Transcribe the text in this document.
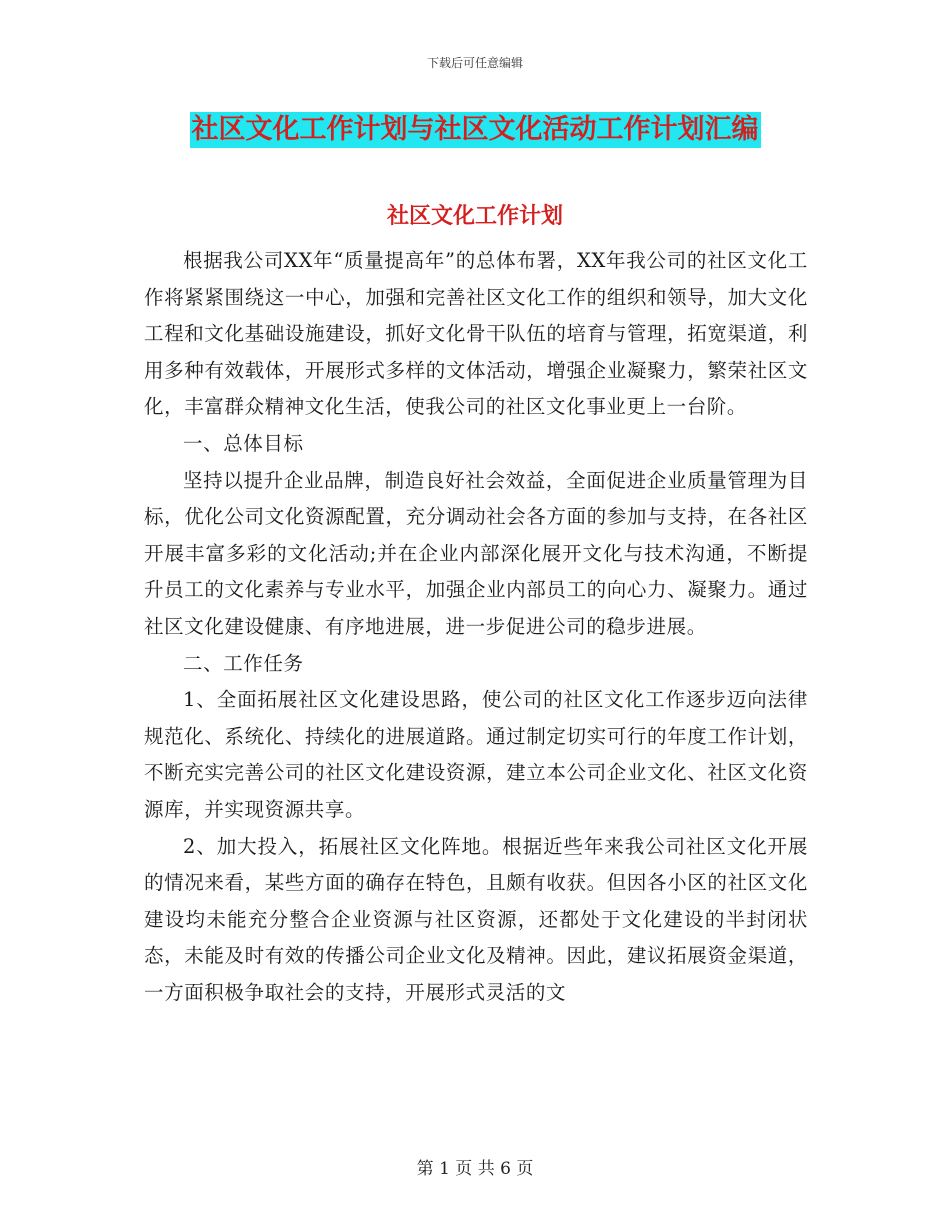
下载后可任意编辑
社区文化工作计划与社区文化活动工作计划汇编
社区文化工作计划

根据我公司XX年“质量提高年”的总体布署，XX年我公司的社区文化工作将紧紧围绕这一中心，加强和完善社区文化工作的组织和领导，加大文化工程和文化基础设施建设，抓好文化骨干队伍的培育与管理，拓宽渠道，利用多种有效载体，开展形式多样的文体活动，增强企业凝聚力，繁荣社区文化，丰富群众精神文化生活，使我公司的社区文化事业更上一台阶。

一、总体目标

坚持以提升企业品牌，制造良好社会效益，全面促进企业质量管理为目标，优化公司文化资源配置，充分调动社会各方面的参加与支持，在各社区开展丰富多彩的文化活动;并在企业内部深化展开文化与技术沟通，不断提升员工的文化素养与专业水平，加强企业内部员工的向心力、凝聚力。通过社区文化建设健康、有序地进展，进一步促进公司的稳步进展。

二、工作任务

1、全面拓展社区文化建设思路，使公司的社区文化工作逐步迈向法律规范化、系统化、持续化的进展道路。通过制定切实可行的年度工作计划，不断充实完善公司的社区文化建设资源，建立本公司企业文化、社区文化资源库，并实现资源共享。

2、加大投入，拓展社区文化阵地。根据近些年来我公司社区文化开展的情况来看，某些方面的确存在特色，且颇有收获。但因各小区的社区文化建设均未能充分整合企业资源与社区资源，还都处于文化建设的半封闭状态，未能及时有效的传播公司企业文化及精神。因此，建议拓展资金渠道，一方面积极争取社会的支持，开展形式灵活的文

第 1 页 共 6 页
